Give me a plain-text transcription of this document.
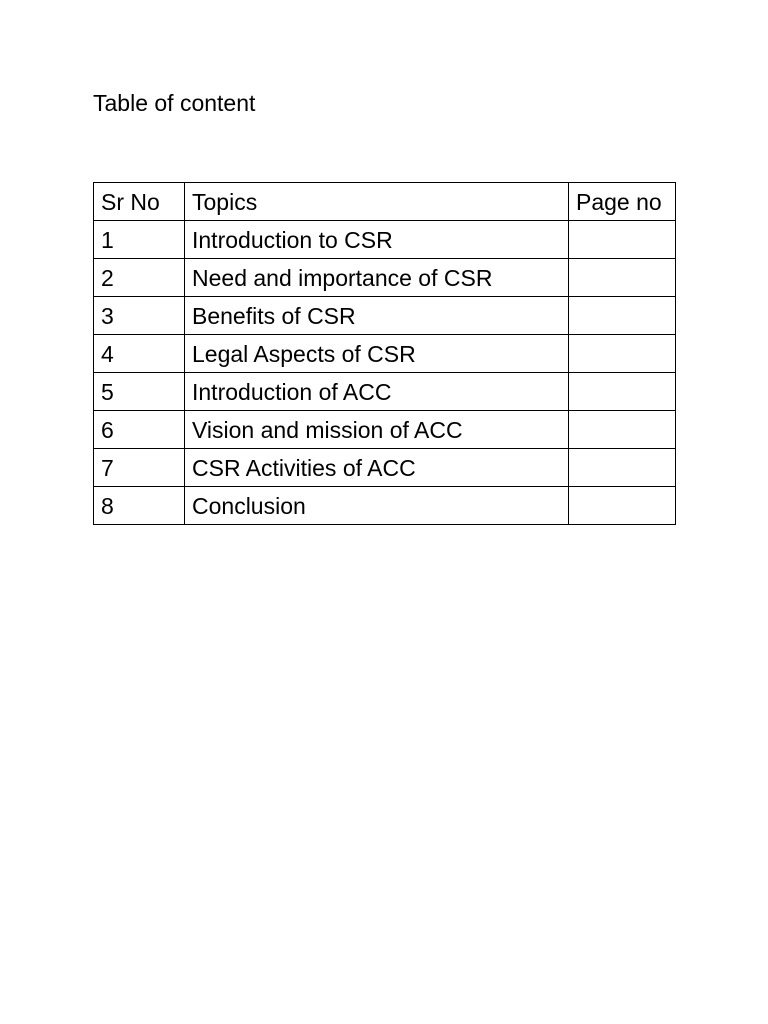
Table of content
Sr No	Topics	Page no
1	Introduction to CSR	
2	Need and importance of CSR	
3	Benefits of CSR	
4	Legal Aspects of CSR	
5	Introduction of ACC	
6	Vision and mission of ACC	
7	CSR Activities of ACC	
8	Conclusion	
